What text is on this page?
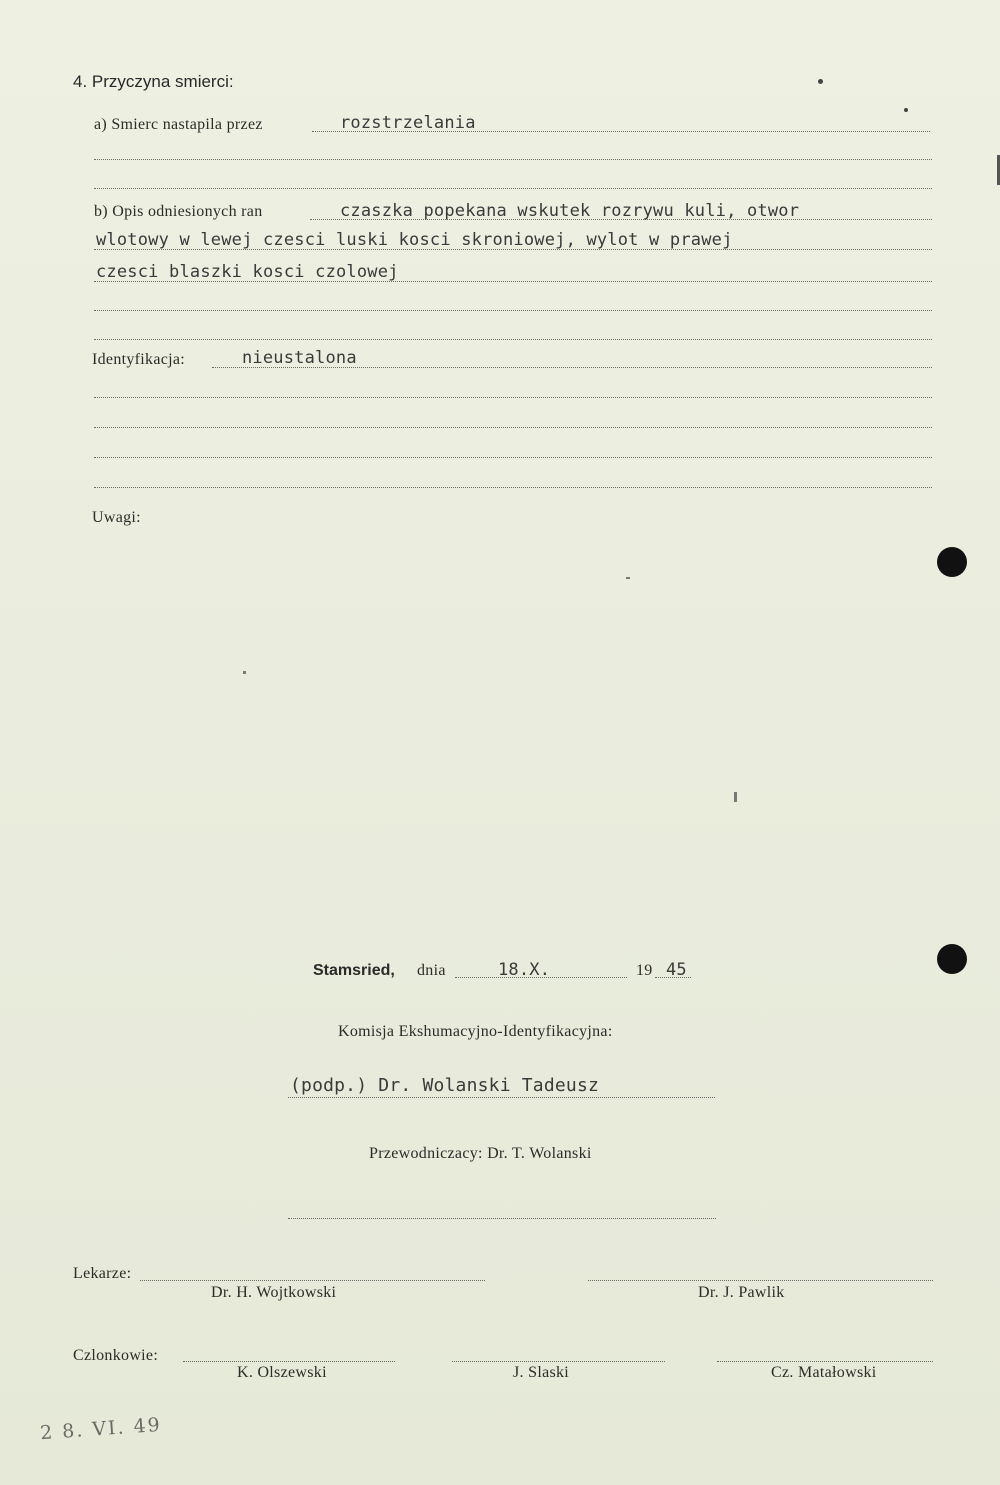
4. Przyczyna smierci:
a) Smierc nastapila przez	rozstrzelania
b) Opis odniesionych ran	czaszka popekana wskutek rozrywu kuli, otwor
wlotowy w lewej czesci luski kosci skroniowej, wylot w prawej
czesci blaszki kosci czolowej
Identyfikacja:	nieustalona
Uwagi:
Stamsried, dnia	18.X.	19 45
Komisja Ekshumacyjno-Identyfikacyjna:
(podp.) Dr. Wolanski Tadeusz
Przewodniczacy: Dr. T. Wolanski
Lekarze:
Dr. H. Wojtkowski	Dr. J. Pawlik
Czlonkowie:
K. Olszewski	J. Slaski	Cz. Matałowski
2 8. VI. 49
